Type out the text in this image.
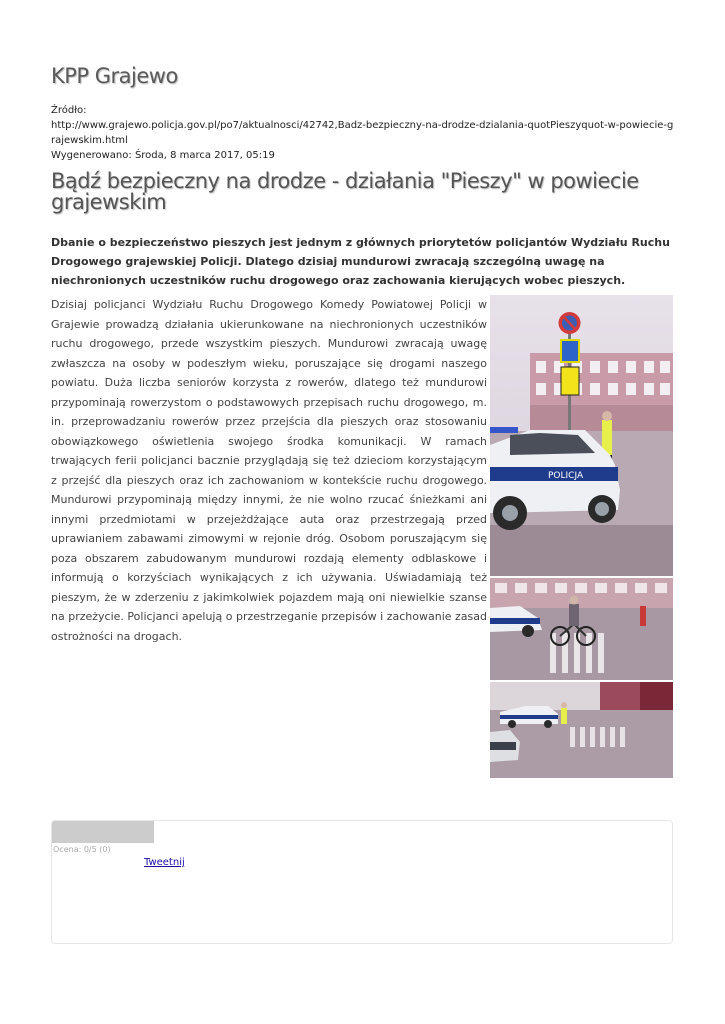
KPP Grajewo
Źródło:
http://www.grajewo.policja.gov.pl/po7/aktualnosci/42742,Badz-bezpieczny-na-drodze-dzialania-quotPieszyquot-w-powiecie-grajewskim.html
Wygenerowano: Środa, 8 marca 2017, 05:19
Bądź bezpieczny na drodze - działania "Pieszy" w powiecie grajewskim

Dbanie o bezpieczeństwo pieszych jest jednym z głównych priorytetów policjantów Wydziału Ruchu Drogowego grajewskiej Policji. Dlatego dzisiaj mundurowi zwracają szczególną uwagę na niechronionych uczestników ruchu drogowego oraz zachowania kierujących wobec pieszych.

Dzisiaj policjanci Wydziału Ruchu Drogowego Komedy Powiatowej Policji w Grajewie prowadzą działania ukierunkowane na niechronionych uczestników ruchu drogowego, przede wszystkim pieszych. Mundurowi zwracają uwagę zwłaszcza na osoby w podeszłym wieku, poruszające się drogami naszego powiatu. Duża liczba seniorów korzysta z rowerów, dlatego też mundurowi przypominają rowerzystom o podstawowych przepisach ruchu drogowego, m. in. przeprowadzaniu rowerów przez przejścia dla pieszych oraz stosowaniu obowiązkowego oświetlenia swojego środka komunikacji. W ramach trwających ferii policjanci bacznie przyglądają się też dzieciom korzystającym z przejść dla pieszych oraz ich zachowaniom w kontekście ruchu drogowego. Mundurowi przypominają między innymi, że nie wolno rzucać śnieżkami ani innymi przedmiotami w przejeżdżające auta oraz przestrzegają przed uprawianiem zabawami zimowymi w rejonie dróg. Osobom poruszającym się poza obszarem zabudowanym mundurowi rozdają elementy odblaskowe i informują o korzyściach wynikających z ich używania. Uświadamiają też pieszym, że w zderzeniu z jakimkolwiek pojazdem mają oni niewielkie szanse na przeżycie. Policjanci apelują o przestrzeganie przepisów i zachowanie zasad ostrożności na drogach.

POLICJA
Ocena: 0/5 (0)
Tweetnij
